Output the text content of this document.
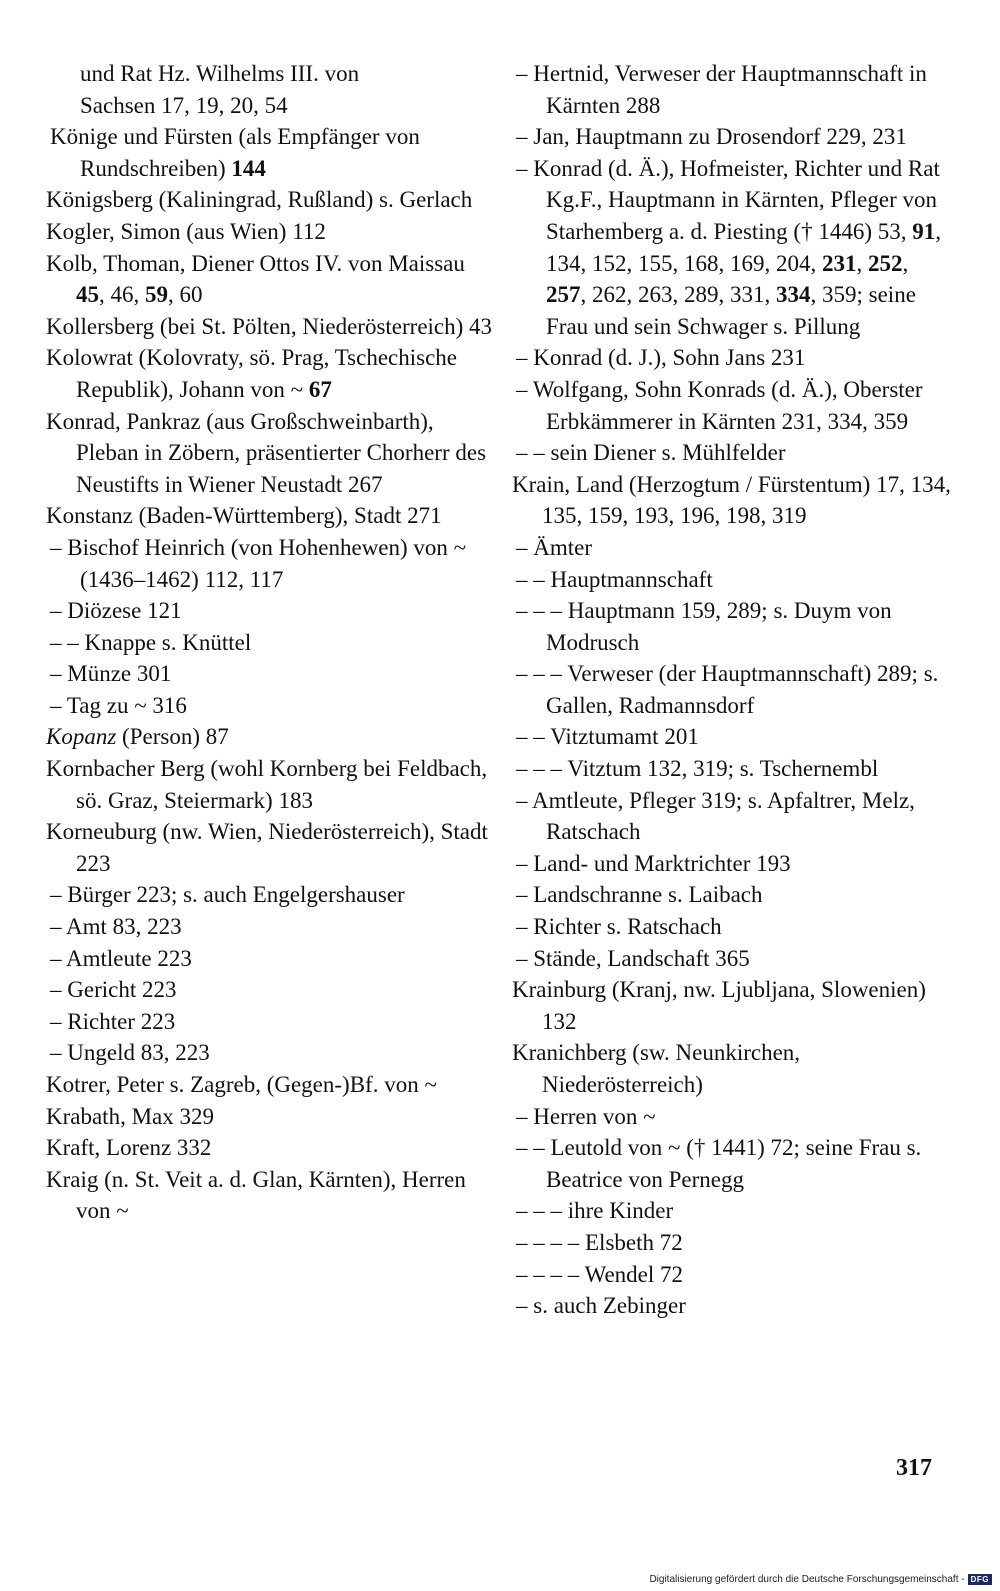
und Rat Hz. Wilhelms III. von

Sachsen 17, 19, 20, 54

Könige und Fürsten (als Empfänger von Rundschreiben) 144

Königsberg (Kaliningrad, Rußland) s. Gerlach

Kogler, Simon (aus Wien) 112

Kolb, Thoman, Diener Ottos IV. von Maissau 45, 46, 59, 60

Kollersberg (bei St. Pölten, Niederösterreich) 43

Kolowrat (Kolovraty, sö. Prag, Tschechische Republik), Johann von ~ 67

Konrad, Pankraz (aus Großschweinbarth), Pleban in Zöbern, präsentierter Chorherr des Neustifts in Wiener Neustadt 267

Konstanz (Baden-Württemberg), Stadt 271

– Bischof Heinrich (von Hohenhewen) von ~ (1436–1462) 112, 117

– Diözese 121

– – Knappe s. Knüttel

– Münze 301

– Tag zu ~ 316

Kopanz (Person) 87

Kornbacher Berg (wohl Kornberg bei Feldbach, sö. Graz, Steiermark) 183

Korneuburg (nw. Wien, Niederösterreich), Stadt 223

– Bürger 223; s. auch Engelgershauser

– Amt 83, 223

– Amtleute 223

– Gericht 223

– Richter 223

– Ungeld 83, 223

Kotrer, Peter s. Zagreb, (Gegen-)Bf. von ~

Krabath, Max 329

Kraft, Lorenz 332

Kraig (n. St. Veit a. d. Glan, Kärnten), Herren von ~

– Hertnid, Verweser der Hauptmannschaft in Kärnten 288

– Jan, Hauptmann zu Drosendorf 229, 231

– Konrad (d. Ä.), Hofmeister, Richter und Rat Kg.F., Hauptmann in Kärnten, Pfleger von Starhemberg a. d. Piesting († 1446) 53, 91, 134, 152, 155, 168, 169, 204, 231, 252, 257, 262, 263, 289, 331, 334, 359; seine Frau und sein Schwager s. Pillung

– Konrad (d. J.), Sohn Jans 231

– Wolfgang, Sohn Konrads (d. Ä.), Oberster Erbkämmerer in Kärnten 231, 334, 359

– – sein Diener s. Mühlfelder

Krain, Land (Herzogtum / Fürstentum) 17, 134, 135, 159, 193, 196, 198, 319

– Ämter

– – Hauptmannschaft

– – – Hauptmann 159, 289; s. Duym von Modrusch

– – – Verweser (der Hauptmannschaft) 289; s. Gallen, Radmannsdorf

– – Vitztumamt 201

– – – Vitztum 132, 319; s. Tschernembl

– Amtleute, Pfleger 319; s. Apfaltrer, Melz, Ratschach

– Land- und Marktrichter 193

– Landschranne s. Laibach

– Richter s. Ratschach

– Stände, Landschaft 365

Krainburg (Kranj, nw. Ljubljana, Slowenien) 132

Kranichberg (sw. Neunkirchen, Niederösterreich)

– Herren von ~

– – Leutold von ~ († 1441) 72; seine Frau s. Beatrice von Pernegg

– – – ihre Kinder

– – – – Elsbeth 72

– – – – Wendel 72

– s. auch Zebinger

317
Digitalisierung gefördert durch die Deutsche Forschungsgemeinschaft - DFG
